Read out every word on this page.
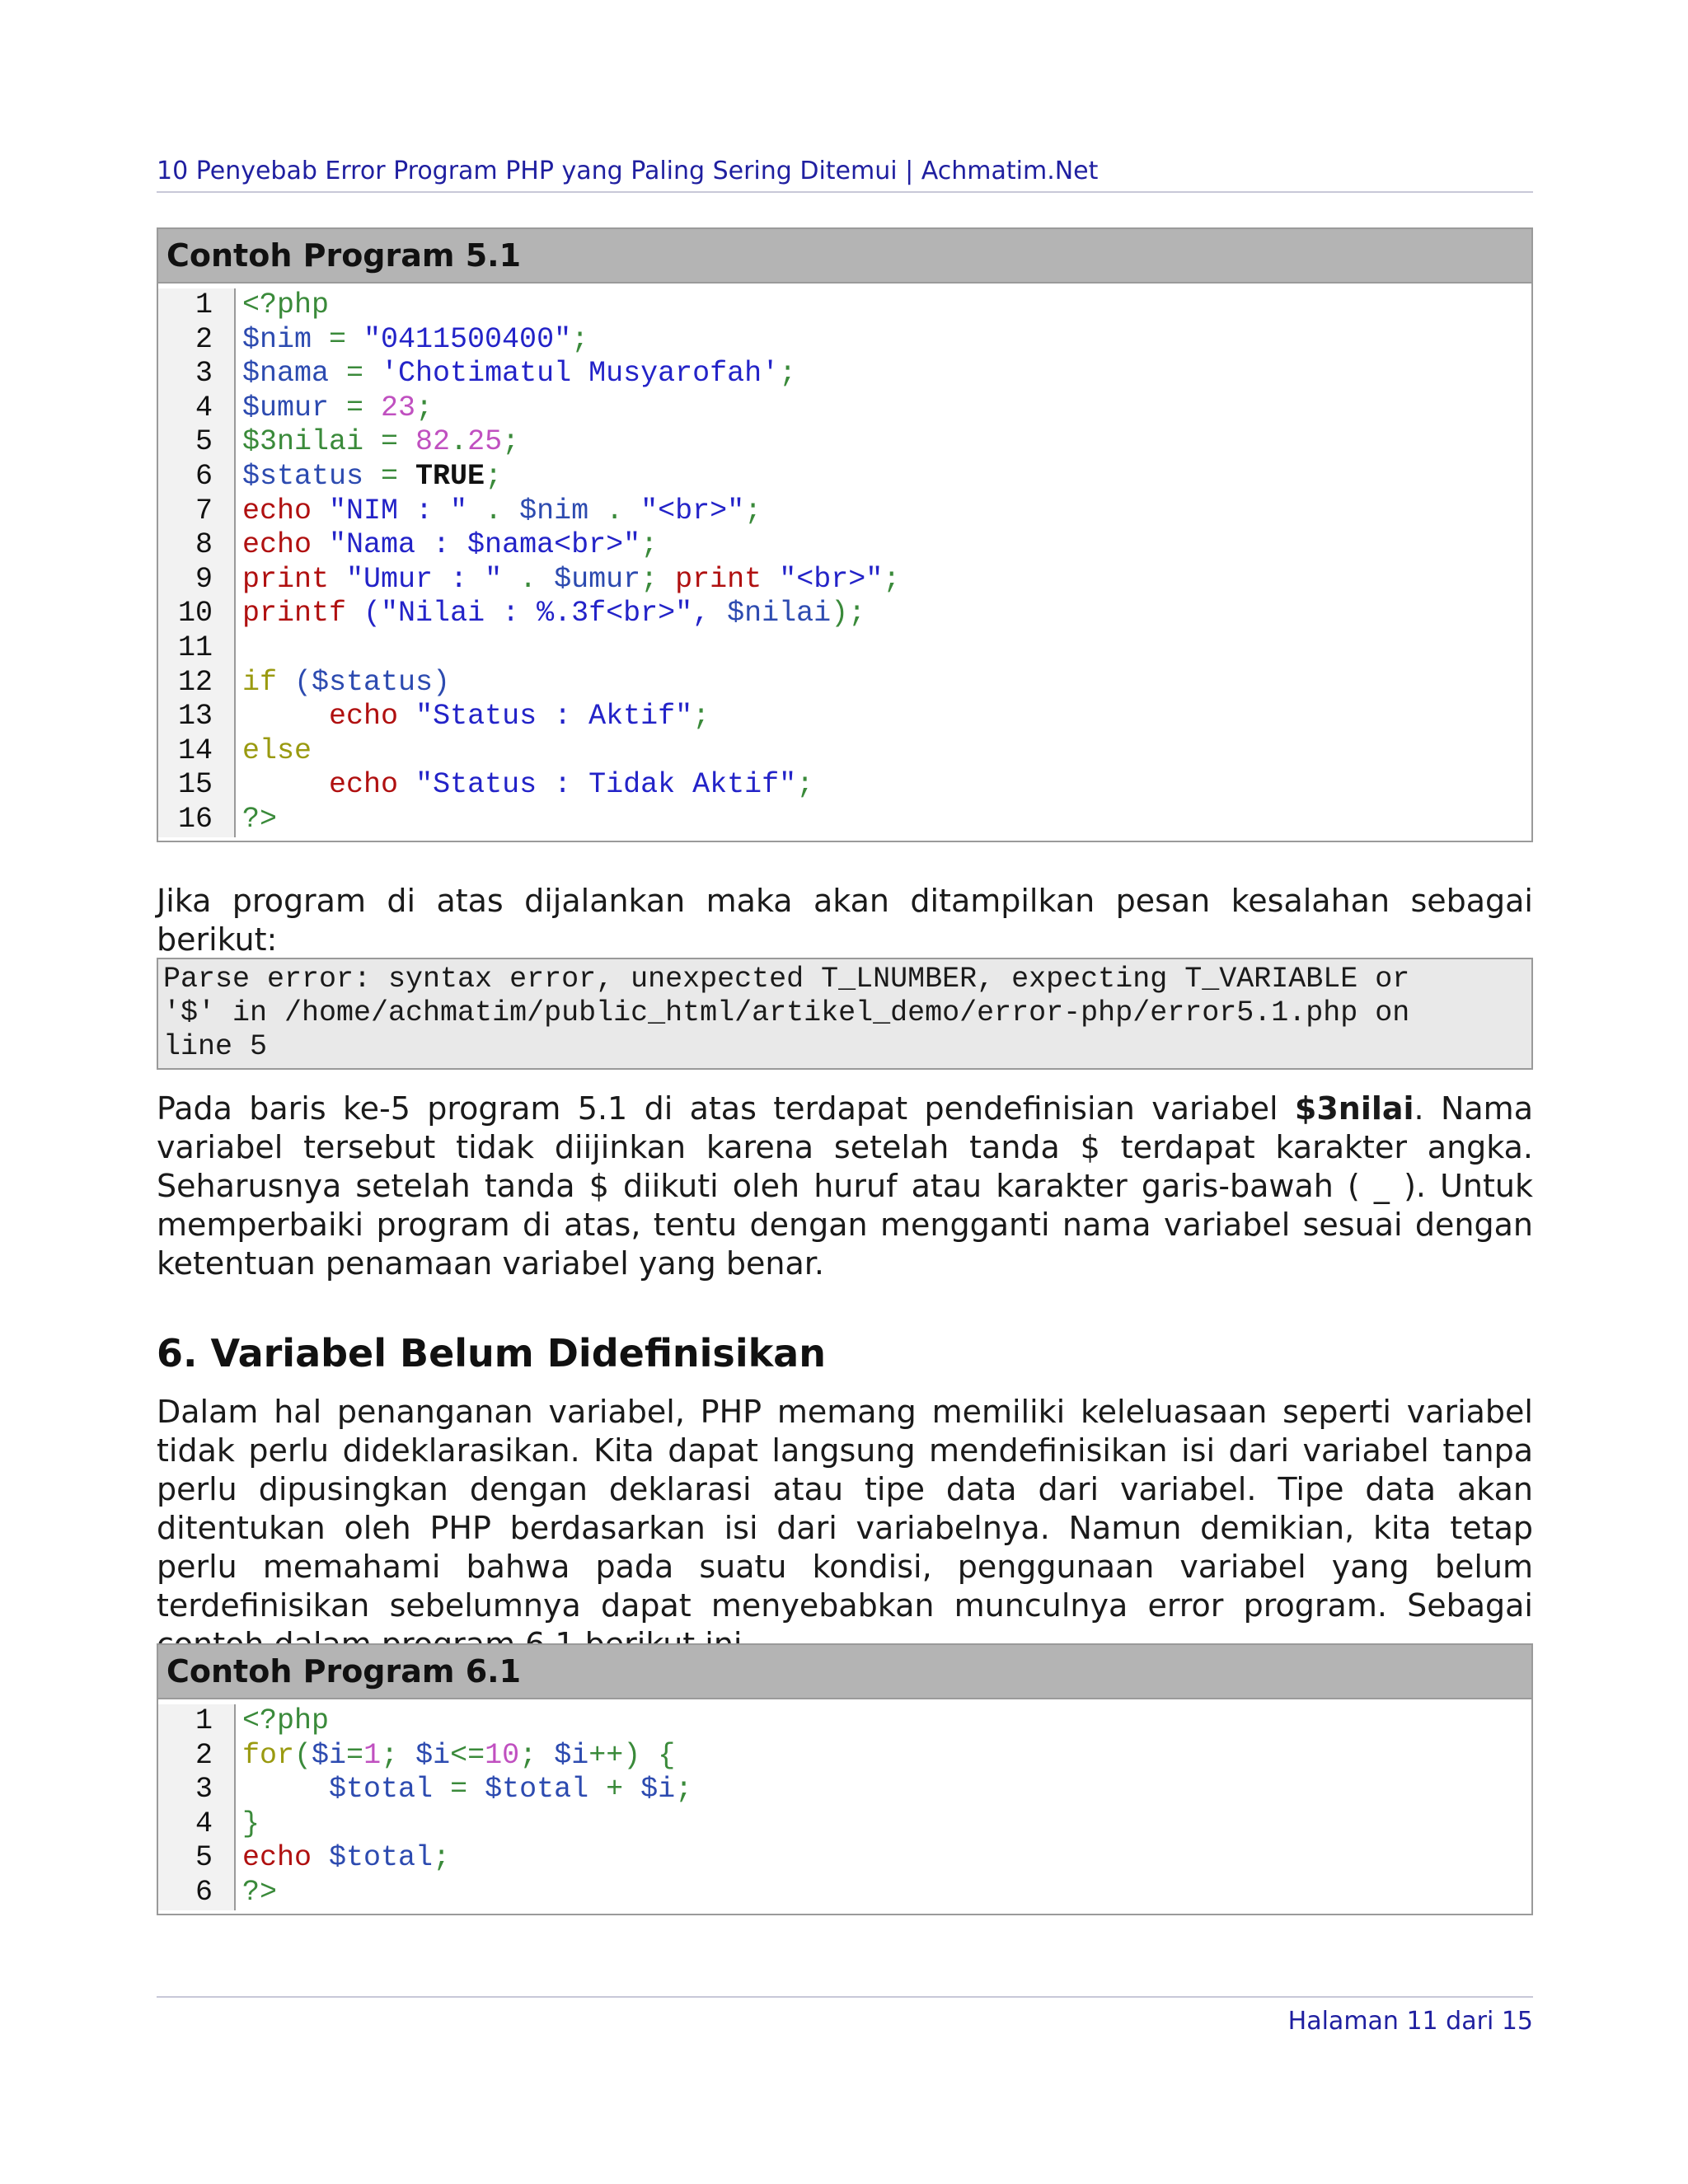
10 Penyebab Error Program PHP yang Paling Sering Ditemui | Achmatim.Net
Contoh Program 5.1
1
2
3
4
5
6
7
8
9
10
11
12
13
14
15
16
<?php
$nim = "0411500400";
$nama = 'Chotimatul Musyarofah';
$umur = 23;
$3nilai = 82.25;
$status = TRUE;
echo "NIM : " . $nim . "<br>";
echo "Nama : $nama<br>";
print "Umur : " . $umur; print "<br>";
printf ("Nilai : %.3f<br>", $nilai);

if ($status)
echo "Status : Aktif";
else
echo "Status : Tidak Aktif";
?>
Jika program di atas dijalankan maka akan ditampilkan pesan kesalahan sebagai berikut:
Parse error: syntax error, unexpected T_LNUMBER, expecting T_VARIABLE or
'$' in /home/achmatim/public_html/artikel_demo/error-php/error5.1.php on
line 5
Pada baris ke-5 program 5.1 di atas terdapat pendefinisian variabel $3nilai. Nama variabel tersebut tidak diijinkan karena setelah tanda $ terdapat karakter angka. Seharusnya setelah tanda $ diikuti oleh huruf atau karakter garis-bawah ( _ ). Untuk memperbaiki program di atas, tentu dengan mengganti nama variabel sesuai dengan ketentuan penamaan variabel yang benar.
6. Variabel Belum Didefinisikan
Dalam hal penanganan variabel, PHP memang memiliki keleluasaan seperti variabel tidak perlu dideklarasikan. Kita dapat langsung mendefinisikan isi dari variabel tanpa perlu dipusingkan dengan deklarasi atau tipe data dari variabel. Tipe data akan ditentukan oleh PHP berdasarkan isi dari variabelnya. Namun demikian, kita tetap perlu memahami bahwa pada suatu kondisi, penggunaan variabel yang belum terdefinisikan sebelumnya dapat menyebabkan munculnya error program. Sebagai
Contoh Program 6.1
1
2
3
4
5
6
<?php
for($i=1; $i<=10; $i++) {
$total = $total + $i;
}
echo $total;
?>
Halaman 11 dari 15
